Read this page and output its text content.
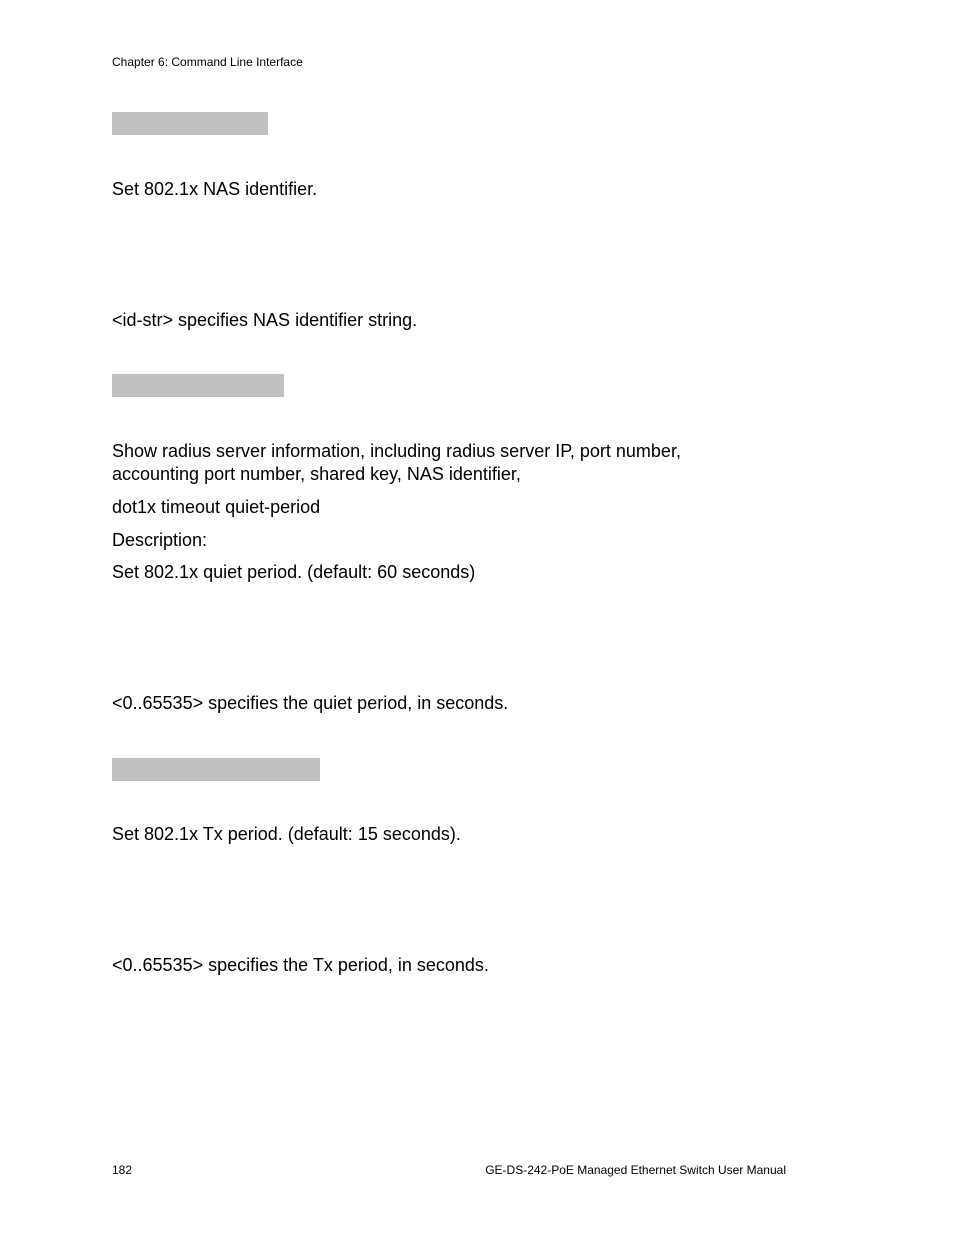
Chapter 6: Command Line Interface
Set 802.1x NAS identifier.
<id-str> specifies NAS identifier string.
Show radius server information, including radius server IP, port number,
accounting port number, shared key, NAS identifier,
dot1x timeout quiet-period
Description:
Set 802.1x quiet period. (default: 60 seconds)
<0..65535> specifies the quiet period, in seconds.
Set 802.1x Tx period. (default: 15 seconds).
<0..65535> specifies the Tx period, in seconds.
182	GE-DS-242-PoE Managed Ethernet Switch User Manual
